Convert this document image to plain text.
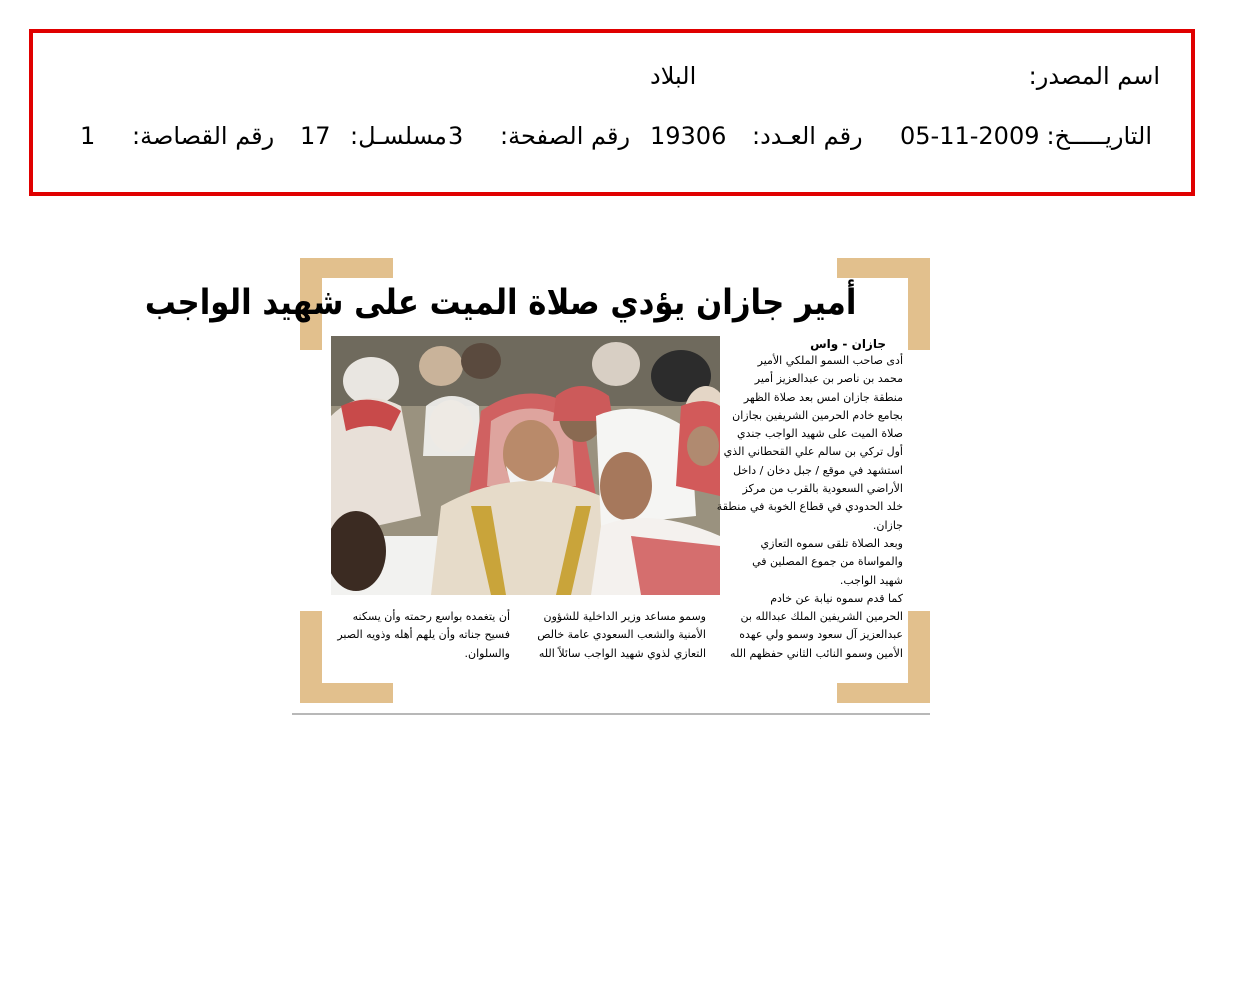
اسم المصدر:
البلاد
التاريـــــخ:
05-11-2009
رقم العـدد:
19306
رقم الصفحة:
3
مسلسـل:
17
رقم القصاصة:
1
أمير جازان يؤدي صلاة الميت على شهيد الواجب
جازان - واس
أدى صاحب السمو الملكي الأمير
محمد بن ناصر بن عبدالعزيز أمير
منطقة جازان امس بعد صلاة الظهر
بجامع خادم الحرمين الشريفين بجازان
صلاة الميت على شهيد الواجب جندي
أول تركي بن سالم علي القحطاني الذي
استشهد في موقع / جبل دخان / داخل
الأراضي السعودية بالقرب من مركز
خلد الحدودي في قطاع الخوبة في منطقة
جازان.
وبعد الصلاة تلقى سموه التعازي
والمواساة من جموع المصلين في
شهيد الواجب.
كما قدم سموه نيابة عن خادم
الحرمين الشريفين الملك عبدالله بن
عبدالعزيز آل سعود وسمو ولي عهده
الأمين وسمو النائب الثاني حفظهم الله
وسمو مساعد وزير الداخلية للشؤون
الأمنية والشعب السعودي عامة خالص
التعازي لذوي شهيد الواجب سائلاً الله
أن يتغمده بواسع رحمته وأن يسكنه
فسيح جناته وأن يلهم أهله وذويه الصبر
والسلوان.
